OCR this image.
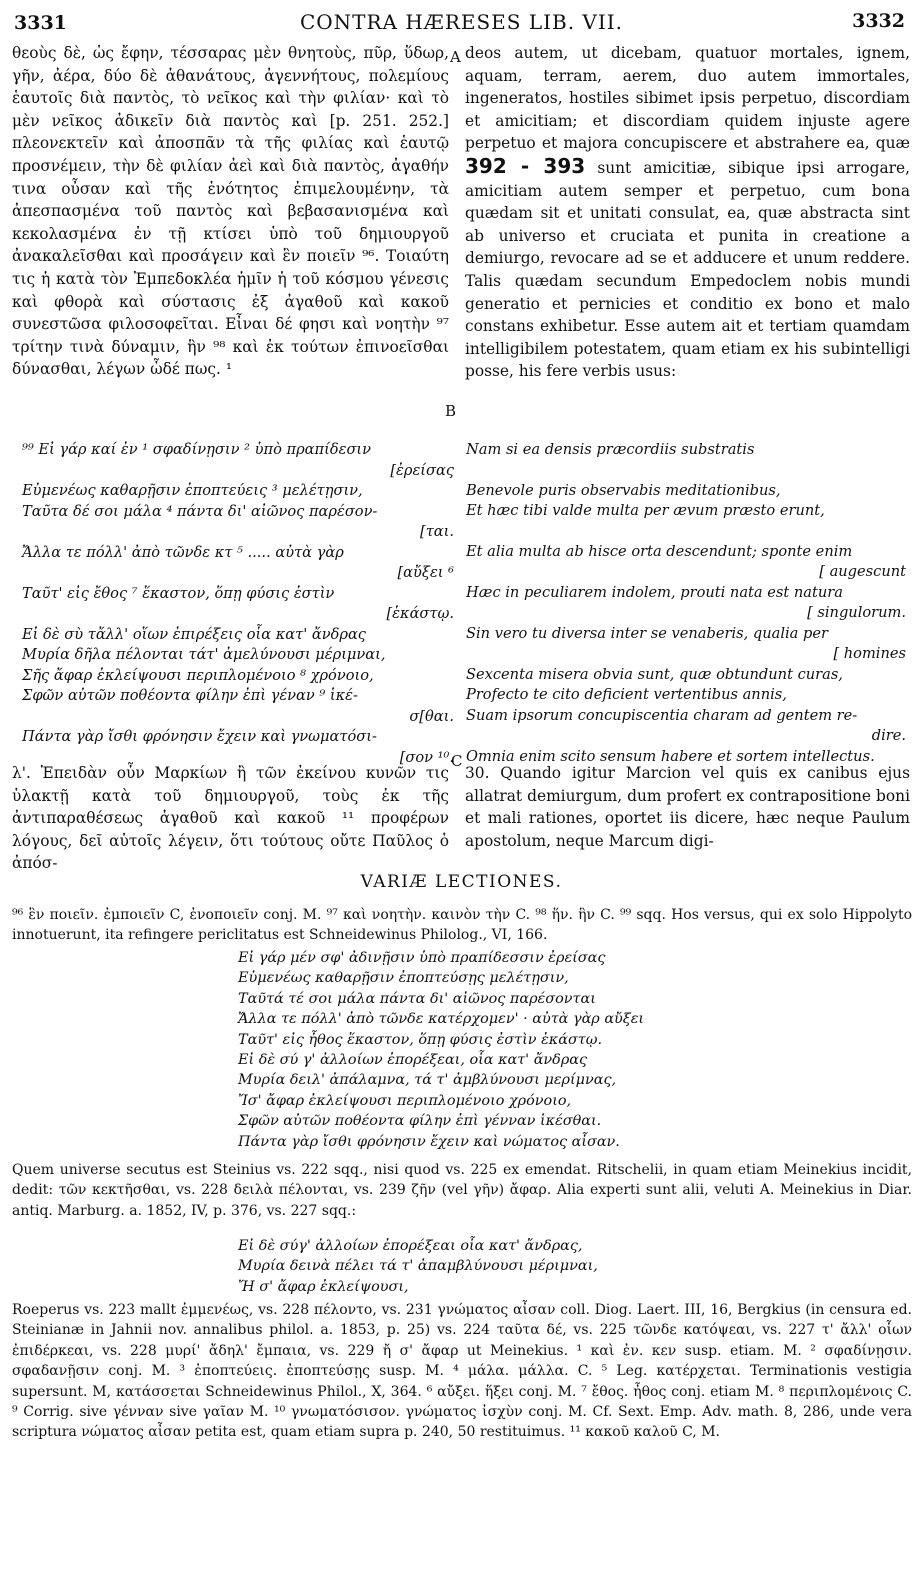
3331	CONTRA HÆRESES LIB. VII.	3332
A
B
C

θεοὺς δὲ, ὡς ἔφην, τέσσαρας μὲν θνητοὺς, πῦρ, ὕδωρ, γῆν, ἀέρα, δύο δὲ ἀθανάτους, ἀγεννήτους, πολεμίους ἑαυτοῖς διὰ παντὸς, τὸ νεῖκος καὶ τὴν φιλίαν· καὶ τὸ μὲν νεῖκος ἀδικεῖν διὰ παντὸς καὶ [p. 251. 252.] πλεονεκτεῖν καὶ ἀποσπᾶν τὰ τῆς φιλίας καὶ ἑαυτῷ προσνέμειν, τὴν δὲ φιλίαν ἀεὶ καὶ διὰ παντὸς, ἀγαθήν τινα οὖσαν καὶ τῆς ἑνότητος ἐπιμελουμένην, τὰ ἀπεσπασμένα τοῦ παντὸς καὶ βεβασανισμένα καὶ κεκολασμένα ἐν τῇ κτίσει ὑπὸ τοῦ δημιουργοῦ ἀνακαλεῖσθαι καὶ προσάγειν καὶ ἓν ποιεῖν ⁹⁶. Τοιαύτη τις ἡ κατὰ τὸν Ἐμπεδοκλέα ἡμῖν ἡ τοῦ κόσμου γένεσις καὶ φθορὰ καὶ σύστασις ἐξ ἀγαθοῦ καὶ κακοῦ συνεστῶσα φιλοσοφεῖται. Εἶναι δέ φησι καὶ νοητὴν ⁹⁷ τρίτην τινὰ δύναμιν, ἣν ⁹⁸ καὶ ἐκ τούτων ἐπινοεῖσθαι δύνασθαι, λέγων ὧδέ πως. ¹

deos autem, ut dicebam, quatuor mortales, ignem, aquam, terram, aerem, duo autem immortales, ingeneratos, hostiles sibimet ipsis perpetuo, discordiam et amicitiam; et discordiam quidem injuste agere perpetuo et majora concupiscere et abstrahere ea, quæ 392 - 393 sunt amicitiæ, sibique ipsi arrogare, amicitiam autem semper et perpetuo, cum bona quædam sit et unitati consulat, ea, quæ abstracta sint ab universo et cruciata et punita in creatione a demiurgo, revocare ad se et adducere et unum reddere. Talis quædam secundum Empedoclem nobis mundi generatio et pernicies et conditio ex bono et malo constans exhibetur. Esse autem ait et tertiam quamdam intelligibilem potestatem, quam etiam ex his subintelligi posse, his fere verbis usus:

⁹⁹ Εἰ γάρ καί ἐν ¹ σφαδίνῃσιν ² ὑπὸ πραπίδεσιν
[ἐρείσας
Εὐμενέως καθαρῇσιν ἐποπτεύεις ³ μελέτῃσιν,
Ταῦτα δέ σοι μάλα ⁴ πάντα δι' αἰῶνος παρέσον-
[ται.
Ἄλλα τε πόλλ' ἀπὸ τῶνδε κτ ⁵ ..... αὐτὰ γὰρ
[αὔξει ⁶
Ταῦτ' εἰς ἔθος ⁷ ἕκαστον, ὅπῃ φύσις ἐστὶν
[ἑκάστῳ.
Εἰ δὲ σὺ τἄλλ' οἵων ἐπιρέξεις οἷα κατ' ἄνδρας
Μυρία δῆλα πέλονται τάτ' ἀμελύνουσι μέριμναι,
Σῆς ἄφαρ ἐκλείψουσι περιπλομένοιο ⁸ χρόνοιο,
Σφῶν αὐτῶν ποθέοντα φίλην ἐπὶ γέναν ⁹ ἱκέ-
σ[θαι.
Πάντα γὰρ ἴσθι φρόνησιν ἔχειν καὶ γνωματόσι-
[σον ¹⁰.
Nam si ea densis præcordiis substratis
Benevole puris observabis meditationibus,
Et hæc tibi valde multa per ævum præsto erunt,
Et alia multa ab hisce orta descendunt; sponte enim
[ augescunt
Hæc in peculiarem indolem, prouti nata est natura
[ singulorum.
Sin vero tu diversa inter se venaberis, qualia per
[ homines
Sexcenta misera obvia sunt, quæ obtundunt curas,
Profecto te cito deficient vertentibus annis,
Suam ipsorum concupiscentia charam ad gentem re-
dire.
Omnia enim scito sensum habere et sortem intellectus.

λ'. Ἐπειδὰν οὖν Μαρκίων ἢ τῶν ἐκείνου κυνῶν τις ὑλακτῇ κατὰ τοῦ δημιουργοῦ, τοὺς ἐκ τῆς ἀντιπαραθέσεως ἀγαθοῦ καὶ κακοῦ ¹¹ προφέρων λόγους, δεῖ αὐτοῖς λέγειν, ὅτι τούτους οὔτε Παῦλος ὁ ἀπόσ-

30. Quando igitur Marcion vel quis ex canibus ejus allatrat demiurgum, dum profert ex contrapositione boni et mali rationes, oportet iis dicere, hæc neque Paulum apostolum, neque Marcum digi-

VARIÆ LECTIONES.

⁹⁶ ἓν ποιεῖν. ἐμποιεῖν C, ἐνοποιεῖν conj. M. ⁹⁷ καὶ νοητὴν. καινὸν τὴν C. ⁹⁸ ἥν. ἣν C. ⁹⁹ sqq. Hos versus, qui ex solo Hippolyto innotuerunt, ita refingere periclitatus est Schneidewinus Philolog., VI, 166.

Εἰ γάρ μέν σφ' ἀδινῇσιν ὑπὸ πραπίδεσσιν ἐρείσας
Εὐμενέως καθαρῇσιν ἐποπτεύσῃς μελέτῃσιν,
Ταῦτά τέ σοι μάλα πάντα δι' αἰῶνος παρέσονται
Ἄλλα τε πόλλ' ἀπὸ τῶνδε κατέρχομεν' · αὐτὰ γὰρ αὔξει
Ταῦτ' εἰς ἦθος ἕκαστον, ὅπῃ φύσις ἐστὶν ἑκάστῳ.
Εἰ δὲ σύ γ' ἀλλοίων ἐπορέξεαι, οἷα κατ' ἄνδρας
Μυρία δειλ' ἀπάλαμνα, τά τ' ἀμβλύνουσι μερίμνας,
Ἴσ' ἄφαρ ἐκλείψουσι περιπλομένοιο χρόνοιο,
Σφῶν αὐτῶν ποθέοντα φίλην ἐπὶ γένναν ἱκέσθαι.
Πάντα γὰρ ἴσθι φρόνησιν ἔχειν καὶ νώματος αἶσαν.

Quem universe secutus est Steinius vs. 222 sqq., nisi quod vs. 225 ex emendat. Ritschelii, in quam etiam Meinekius incidit, dedit: τῶν κεκτῆσθαι, vs. 228 δειλὰ πέλονται, vs. 239 ζῆν (vel γῆν) ἄφαρ. Alia experti sunt alii, veluti A. Meinekius in Diar. antiq. Marburg. a. 1852, IV, p. 376, vs. 227 sqq.:

Εἰ δὲ σύγ' ἀλλοίων ἐπορέξεαι οἷα κατ' ἄνδρας,
Μυρία δεινὰ πέλει τά τ' ἀπαμβλύνουσι μέριμναι,
Ἤ σ' ἄφαρ ἐκλείψουσι,

Roeperus vs. 223 mallt ἐμμενέως, vs. 228 πέλοντο, vs. 231 γνώματος αἶσαν coll. Diog. Laert. III, 16, Bergkius (in censura ed. Steinianæ in Jahnii nov. annalibus philol. a. 1853, p. 25) vs. 224 ταῦτα δέ, vs. 225 τῶνδε κατόψεαι, vs. 227 τ' ἄλλ' οἷων ἐπιδέρκεαι, vs. 228 μυρί' ἄδηλ' ἔμπαια, vs. 229 ἤ σ' ἄφαρ ut Meinekius. ¹ καὶ ἐν. κεν susp. etiam. M. ² σφαδίνῃσιν. σφαδανῇσιν conj. M. ³ ἐποπτεύεις. ἐποπτεύσῃς susp. M. ⁴ μάλα. μάλλα. C. ⁵ Leg. κατέρχεται. Terminationis vestigia supersunt. M, κατάσσεται Schneidewinus Philol., X, 364. ⁶ αὔξει. ἥξει conj. M. ⁷ ἔθος. ἦθος conj. etiam M. ⁸ περιπλομένοις C. ⁹ Corrig. sive γένναν sive γαῖαν M. ¹⁰ γνωματόσισον. γνώματος ἰσχὺν conj. M. Cf. Sext. Emp. Adv. math. 8, 286, unde vera scriptura νώματος αἶσαν petita est, quam etiam supra p. 240, 50 restituimus. ¹¹ κακοῦ καλοῦ C, M.
